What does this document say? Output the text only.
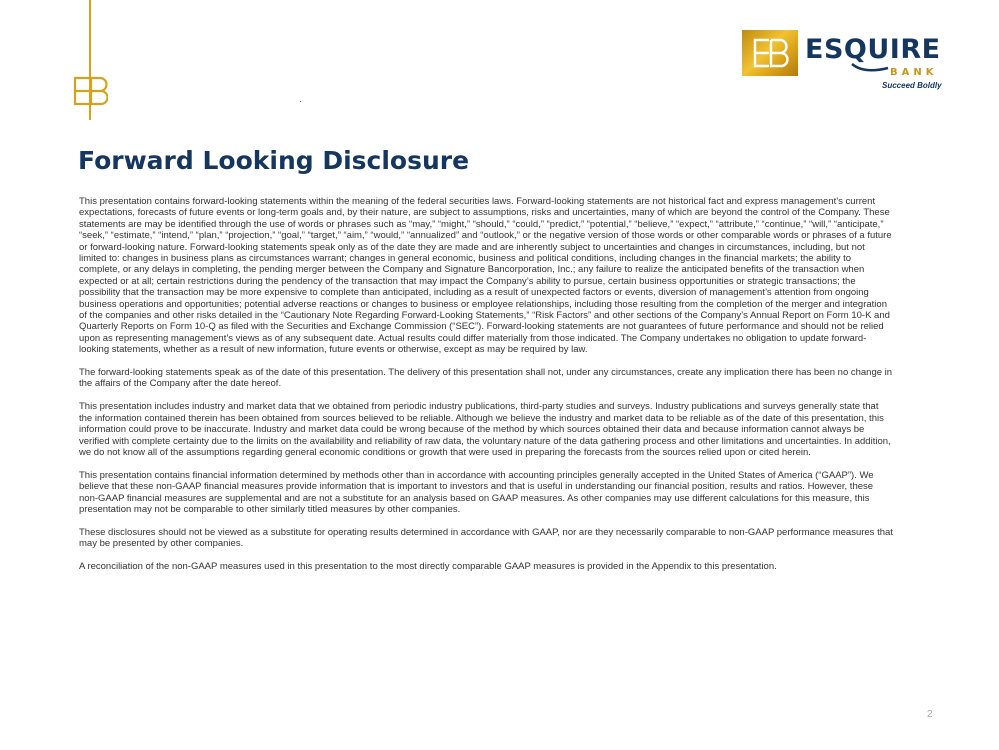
ESQUIRE
BANK
Succeed Boldly
Forward Looking Disclosure

This presentation contains forward-looking statements within the meaning of the federal securities laws. Forward-looking statements are not historical fact and express management’s current expectations, forecasts of future events or long-term goals and, by their nature, are subject to assumptions, risks and uncertainties, many of which are beyond the control of the Company. These statements are may be identified through the use of words or phrases such as “may,” “might,” “should,” “could,” “predict,” “potential,” “believe,” “expect,” “attribute,” “continue,” “will,” “anticipate,” “seek,” “estimate,” “intend,” “plan,” “projection,” “goal,” “target,” “aim,” “would,” “annualized” and “outlook,” or the negative version of those words or other comparable words or phrases of a future or forward-looking nature. Forward-looking statements speak only as of the date they are made and are inherently subject to uncertainties and changes in circumstances, including, but not limited to: changes in business plans as circumstances warrant; changes in general economic, business and political conditions, including changes in the financial markets; the ability to complete, or any delays in completing, the pending merger between the Company and Signature Bancorporation, Inc.; any failure to realize the anticipated benefits of the transaction when expected or at all; certain restrictions during the pendency of the transaction that may impact the Company’s ability to pursue, certain business opportunities or strategic transactions; the possibility that the transaction may be more expensive to complete than anticipated, including as a result of unexpected factors or events, diversion of management’s attention from ongoing business operations and opportunities; potential adverse reactions or changes to business or employee relationships, including those resulting from the completion of the merger and integration of the companies and other risks detailed in the “Cautionary Note Regarding Forward-Looking Statements,” “Risk Factors” and other sections of the Company’s Annual Report on Form 10-K and Quarterly Reports on Form 10-Q as filed with the Securities and Exchange Commission (“SEC”). Forward-looking statements are not guarantees of future performance and should not be relied upon as representing management’s views as of any subsequent date. Actual results could differ materially from those indicated. The Company undertakes no obligation to update forward-looking statements, whether as a result of new information, future events or otherwise, except as may be required by law.

The forward-looking statements speak as of the date of this presentation. The delivery of this presentation shall not, under any circumstances, create any implication there has been no change in the affairs of the Company after the date hereof.

This presentation includes industry and market data that we obtained from periodic industry publications, third-party studies and surveys. Industry publications and surveys generally state that the information contained therein has been obtained from sources believed to be reliable. Although we believe the industry and market data to be reliable as of the date of this presentation, this information could prove to be inaccurate. Industry and market data could be wrong because of the method by which sources obtained their data and because information cannot always be verified with complete certainty due to the limits on the availability and reliability of raw data, the voluntary nature of the data gathering process and other limitations and uncertainties. In addition, we do not know all of the assumptions regarding general economic conditions or growth that were used in preparing the forecasts from the sources relied upon or cited herein.

This presentation contains financial information determined by methods other than in accordance with accounting principles generally accepted in the United States of America (“GAAP”). We believe that these non-GAAP financial measures provide information that is important to investors and that is useful in understanding our financial position, results and ratios. However, these non-GAAP financial measures are supplemental and are not a substitute for an analysis based on GAAP measures. As other companies may use different calculations for this measure, this presentation may not be comparable to other similarly titled measures by other companies.

These disclosures should not be viewed as a substitute for operating results determined in accordance with GAAP, nor are they necessarily comparable to non-GAAP performance measures that may be presented by other companies.

A reconciliation of the non-GAAP measures used in this presentation to the most directly comparable GAAP measures is provided in the Appendix to this presentation.

2
